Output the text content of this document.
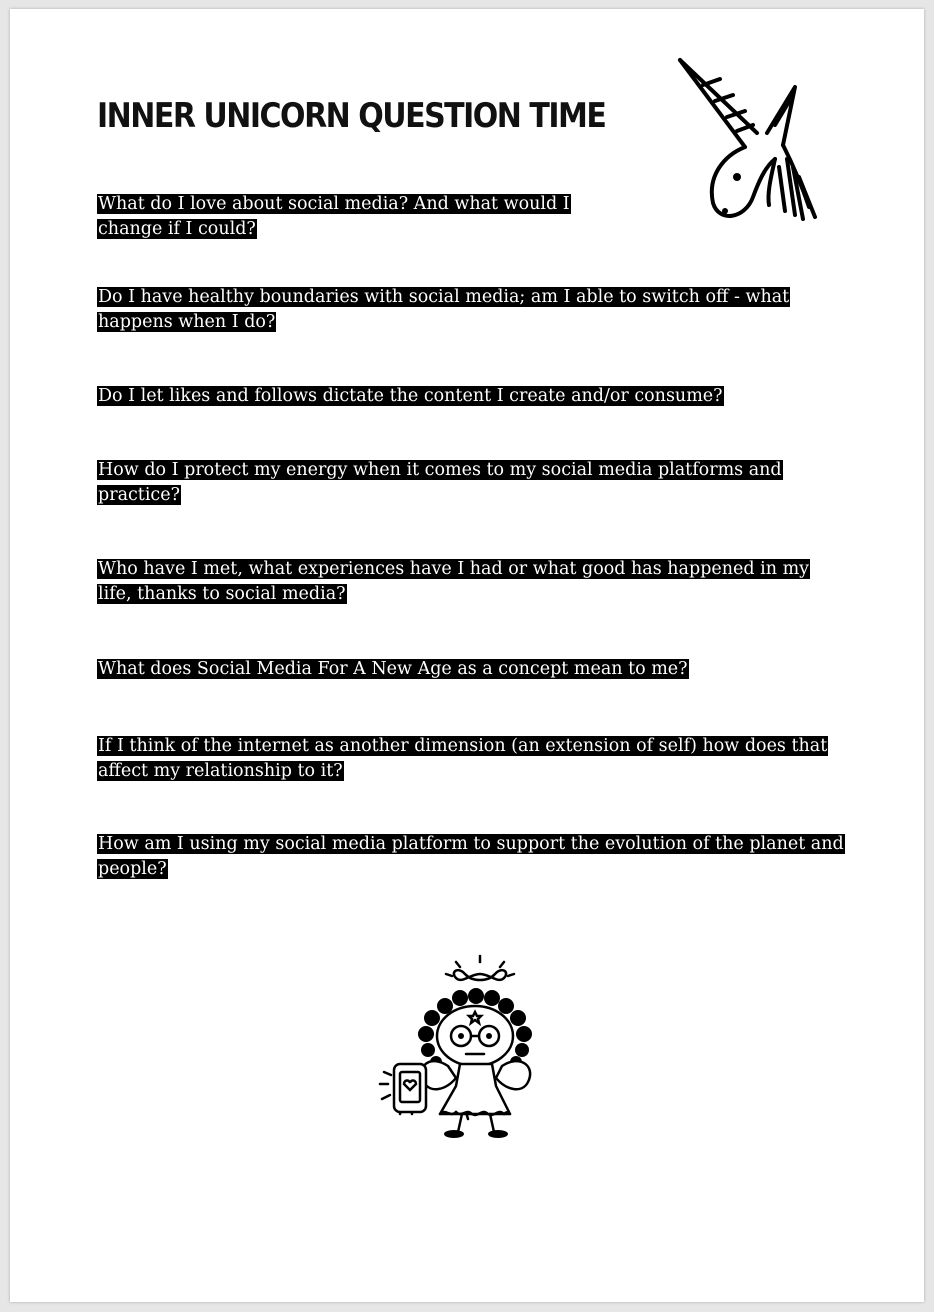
INNER UNICORN QUESTION TIME

What do I love about social media? And what would I change if I could?

Do I have healthy boundaries with social media; am I able to switch off - what happens when I do?

Do I let likes and follows dictate the content I create and/or consume?

How do I protect my energy when it comes to my social media platforms and practice?

Who have I met, what experiences have I had or what good has happened in my life, thanks to social media?

What does Social Media For A New Age as a concept mean to me?

If I think of the internet as another dimension (an extension of self) how does that affect my relationship to it?

How am I using my social media platform to support the evolution of the planet and people?
